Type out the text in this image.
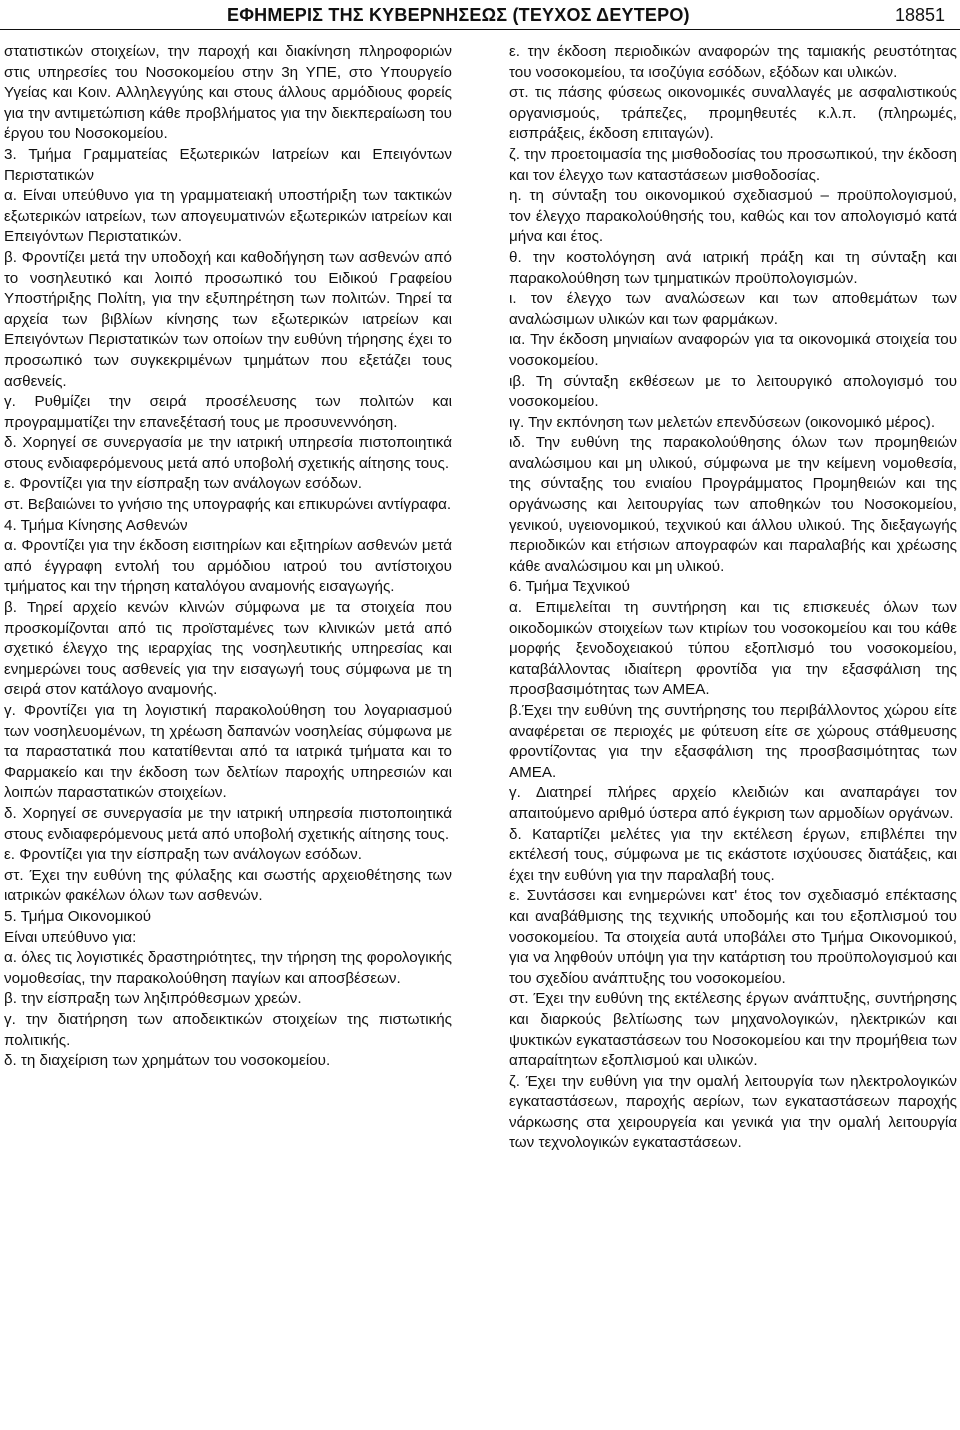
ΕΦΗΜΕΡΙΣ ΤΗΣ ΚΥΒΕΡΝΗΣΕΩΣ (ΤΕΥΧΟΣ ΔΕΥΤΕΡΟ)	18851

στατιστικών στοιχείων, την παροχή και διακίνηση πληροφοριών στις υπηρεσίες του Νοσοκομείου στην 3η ΥΠΕ, στο Υπουργείο Υγείας και Κοιν. Αλληλεγγύης και στους άλλους αρμόδιους φορείς για την αντιμετώπιση κάθε προβλήματος για την διεκπεραίωση του έργου του Νοσοκομείου.

3. Τμήμα Γραμματείας Εξωτερικών Ιατρείων και Επειγόντων Περιστατικών

α. Είναι υπεύθυνο για τη γραμματειακή υποστήριξη των τακτικών εξωτερικών ιατρείων, των απογευματινών εξωτερικών ιατρείων και Επειγόντων Περιστατικών.

β. Φροντίζει μετά την υποδοχή και καθοδήγηση των ασθενών από το νοσηλευτικό και λοιπό προσωπικό του Ειδικού Γραφείου Υποστήριξης Πολίτη, για την εξυπηρέτηση των πολιτών. Τηρεί τα αρχεία των βιβλίων κίνησης των εξωτερικών ιατρείων και Επειγόντων Περιστατικών των οποίων την ευθύνη τήρησης έχει το προσωπικό των συγκεκριμένων τμημάτων που εξετάζει τους ασθενείς.

γ. Ρυθμίζει την σειρά προσέλευσης των πολιτών και προγραμματίζει την επανεξέτασή τους με προσυνεννόηση.

δ. Χορηγεί σε συνεργασία με την ιατρική υπηρεσία πιστοποιητικά στους ενδιαφερόμενους μετά από υποβολή σχετικής αίτησης τους.

ε. Φροντίζει για την είσπραξη των ανάλογων εσόδων.

στ. Βεβαιώνει το γνήσιο της υπογραφής και επικυρώνει αντίγραφα.

4. Τμήμα Κίνησης Ασθενών

α. Φροντίζει για την έκδοση εισιτηρίων και εξιτηρίων ασθενών μετά από έγγραφη εντολή του αρμόδιου ιατρού του αντίστοιχου τμήματος και την τήρηση καταλόγου αναμονής εισαγωγής.

β. Τηρεί αρχείο κενών κλινών σύμφωνα με τα στοιχεία που προσκομίζονται από τις προϊσταμένες των κλινικών μετά από σχετικό έλεγχο της ιεραρχίας της νοσηλευτικής υπηρεσίας και ενημερώνει τους ασθενείς για την εισαγωγή τους σύμφωνα με τη σειρά στον κατάλογο αναμονής.

γ. Φροντίζει για τη λογιστική παρακολούθηση του λογαριασμού των νοσηλευομένων, τη χρέωση δαπανών νοσηλείας σύμφωνα με τα παραστατικά που κατατίθενται από τα ιατρικά τμήματα και το Φαρμακείο και την έκδοση των δελτίων παροχής υπηρεσιών και λοιπών παραστατικών στοιχείων.

δ. Χορηγεί σε συνεργασία με την ιατρική υπηρεσία πιστοποιητικά στους ενδιαφερόμενους μετά από υποβολή σχετικής αίτησης τους.

ε. Φροντίζει για την είσπραξη των ανάλογων εσόδων.

στ. Έχει την ευθύνη της φύλαξης και σωστής αρχειοθέτησης των ιατρικών φακέλων όλων των ασθενών.

5. Τμήμα Οικονομικού

Είναι υπεύθυνο για:

α. όλες τις λογιστικές δραστηριότητες, την τήρηση της φορολογικής νομοθεσίας, την παρακολούθηση παγίων και αποσβέσεων.

β. την είσπραξη των ληξιπρόθεσμων χρεών.

γ. την διατήρηση των αποδεικτικών στοιχείων της πιστωτικής πολιτικής.

δ. τη διαχείριση των χρημάτων του νοσοκομείου.

ε. την έκδοση περιοδικών αναφορών της ταμιακής ρευστότητας του νοσοκομείου, τα ισοζύγια εσόδων, εξόδων και υλικών.

στ. τις πάσης φύσεως οικονομικές συναλλαγές με ασφαλιστικούς οργανισμούς, τράπεζες, προμηθευτές κ.λ.π. (πληρωμές, εισπράξεις, έκδοση επιταγών).

ζ. την προετοιμασία της μισθοδοσίας του προσωπικού, την έκδοση και τον έλεγχο των καταστάσεων μισθοδοσίας.

η. τη σύνταξη του οικονομικού σχεδιασμού – προϋπολογισμού, τον έλεγχο παρακολούθησής του, καθώς και τον απολογισμό κατά μήνα και έτος.

θ. την κοστολόγηση ανά ιατρική πράξη και τη σύνταξη και παρακολούθηση των τμηματικών προϋπολογισμών.

ι. τον έλεγχο των αναλώσεων και των αποθεμάτων των αναλώσιμων υλικών και των φαρμάκων.

ια. Την έκδοση μηνιαίων αναφορών για τα οικονομικά στοιχεία του νοσοκομείου.

ιβ. Τη σύνταξη εκθέσεων με το λειτουργικό απολογισμό του νοσοκομείου.

ιγ. Την εκπόνηση των μελετών επενδύσεων (οικονομικό μέρος).

ιδ. Την ευθύνη της παρακολούθησης όλων των προμηθειών αναλώσιμου και μη υλικού, σύμφωνα με την κείμενη νομοθεσία, της σύνταξης του ενιαίου Προγράμματος Προμηθειών και της οργάνωσης και λειτουργίας των αποθηκών του Νοσοκομείου, γενικού, υγειονομικού, τεχνικού και άλλου υλικού. Της διεξαγωγής περιοδικών και ετήσιων απογραφών και παραλαβής και χρέωσης κάθε αναλώσιμου και μη υλικού.

6. Τμήμα Τεχνικού

α. Επιμελείται τη συντήρηση και τις επισκευές όλων των οικοδομικών στοιχείων των κτιρίων του νοσοκομείου και του κάθε μορφής ξενοδοχειακού τύπου εξοπλισμό του νοσοκομείου, καταβάλλοντας ιδιαίτερη φροντίδα για την εξασφάλιση της προσβασιμότητας των ΑΜΕΑ.

β.Έχει την ευθύνη της συντήρησης του περιβάλλοντος χώρου είτε αναφέρεται σε περιοχές με φύτευση είτε σε χώρους στάθμευσης φροντίζοντας για την εξασφάλιση της προσβασιμότητας των ΑΜΕΑ.

γ. Διατηρεί πλήρες αρχείο κλειδιών και αναπαράγει τον απαιτούμενο αριθμό ύστερα από έγκριση των αρμοδίων οργάνων.

δ. Καταρτίζει μελέτες για την εκτέλεση έργων, επιβλέπει την εκτέλεσή τους, σύμφωνα με τις εκάστοτε ισχύουσες διατάξεις, και έχει την ευθύνη για την παραλαβή τους.

ε. Συντάσσει και ενημερώνει κατ' έτος τον σχεδιασμό επέκτασης και αναβάθμισης της τεχνικής υποδομής και του εξοπλισμού του νοσοκομείου. Τα στοιχεία αυτά υποβάλει στο Τμήμα Οικονομικού, για να ληφθούν υπόψη για την κατάρτιση του προϋπολογισμού και του σχεδίου ανάπτυξης του νοσοκομείου.

στ. Έχει την ευθύνη της εκτέλεσης έργων ανάπτυξης, συντήρησης και διαρκούς βελτίωσης των μηχανολογικών, ηλεκτρικών και ψυκτικών εγκαταστάσεων του Νοσοκομείου και την προμήθεια των απαραίτητων εξοπλισμού και υλικών.

ζ. Έχει την ευθύνη για την ομαλή λειτουργία των ηλεκτρολογικών εγκαταστάσεων, παροχής αερίων, των εγκαταστάσεων παροχής νάρκωσης στα χειρουργεία και γενικά για την ομαλή λειτουργία των τεχνολογικών εγκαταστάσεων.
